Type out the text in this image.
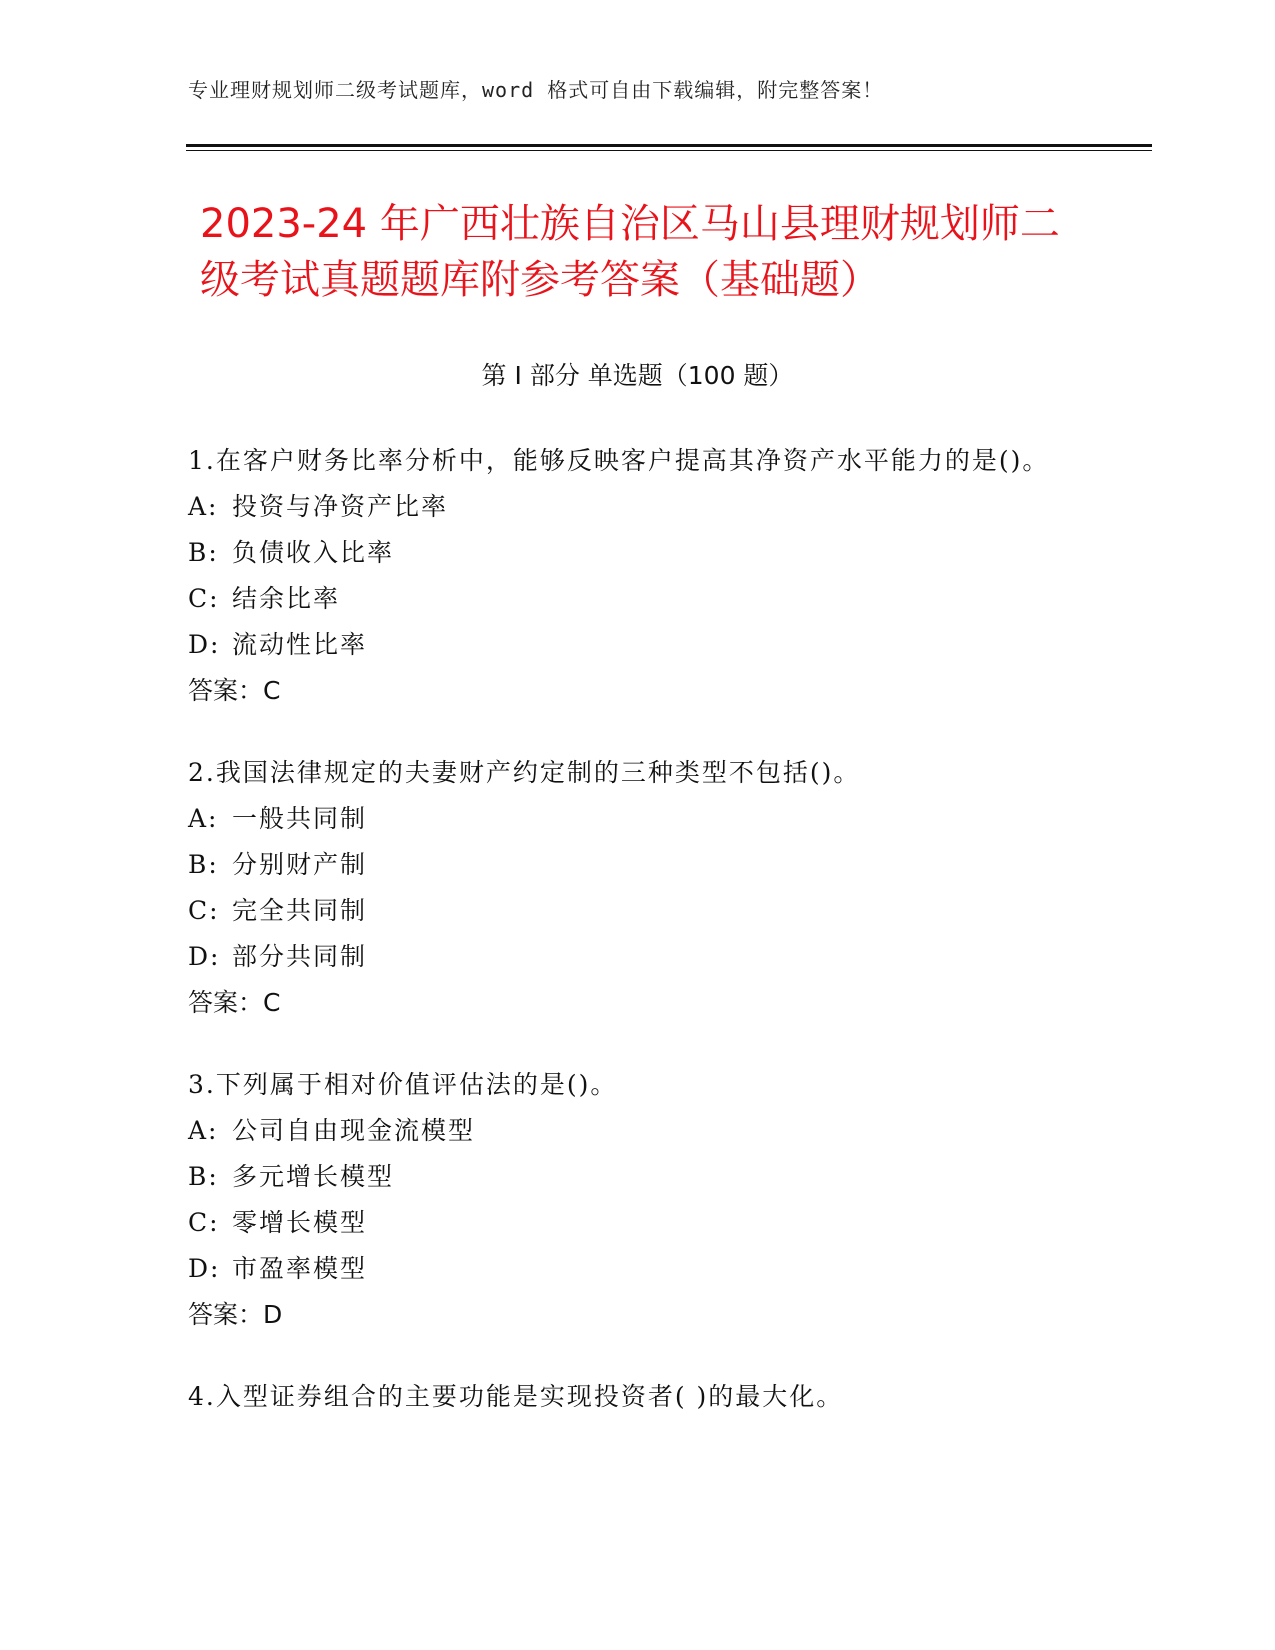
专业理财规划师二级考试题库，word 格式可自由下载编辑，附完整答案！
2023-24 年广西壮族自治区马山县理财规划师二级考试真题题库附参考答案（基础题）
第 I 部分 单选题（100 题）

1.在客户财务比率分析中，能够反映客户提高其净资产水平能力的是()。

A: 投资与净资产比率

B: 负债收入比率

C: 结余比率

D: 流动性比率

答案：C

2.我国法律规定的夫妻财产约定制的三种类型不包括()。

A: 一般共同制

B: 分别财产制

C: 完全共同制

D: 部分共同制

答案：C

3.下列属于相对价值评估法的是()。

A: 公司自由现金流模型

B: 多元增长模型

C: 零增长模型

D: 市盈率模型

答案：D

4.入型证券组合的主要功能是实现投资者( )的最大化。
